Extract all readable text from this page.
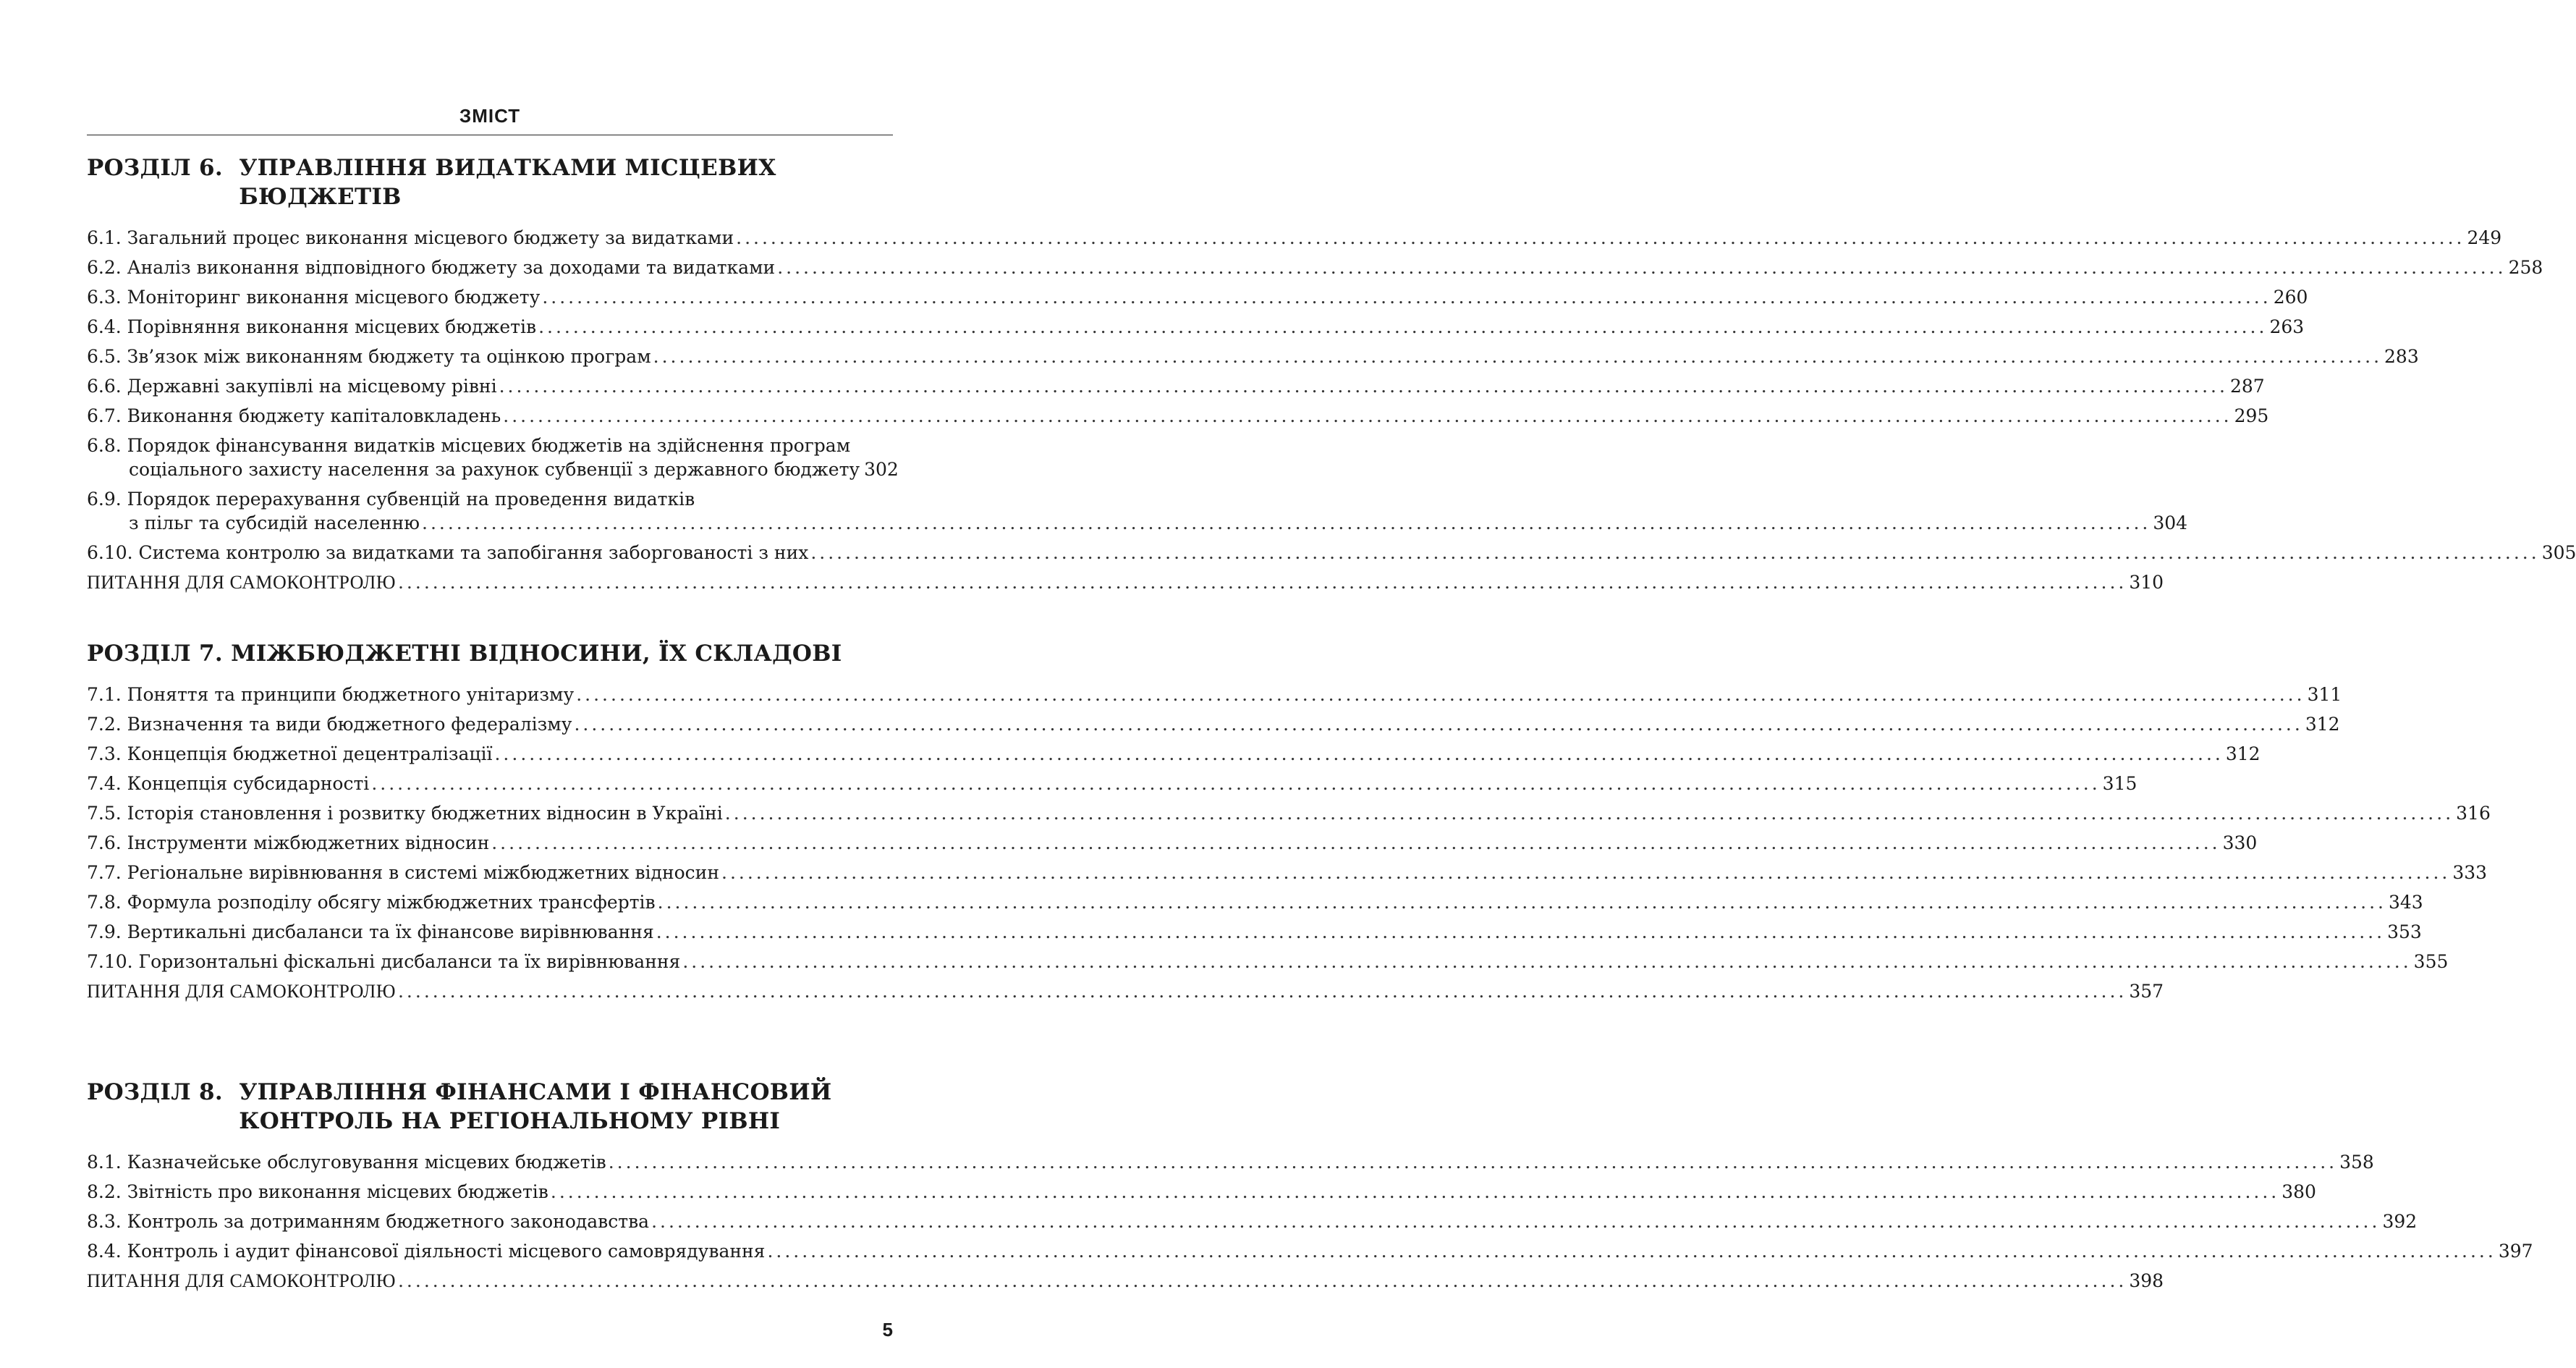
ЗМІСТ
РОЗДІЛ 6. УПРАВЛІННЯ ВИДАТКАМИ МІСЦЕВИХ БЮДЖЕТІВ
6.1. Загальний процес виконання місцевого бюджету за видатками ........................................................................................................................................................................................................ 249
6.2. Аналіз виконання відповідного бюджету за доходами та видатками ........................................................................................................................................................................................................ 258
6.3. Моніторинг виконання місцевого бюджету ........................................................................................................................................................................................................ 260
6.4. Порівняння виконання місцевих бюджетів ........................................................................................................................................................................................................ 263
6.5. Зв’язок між виконанням бюджету та оцінкою програм ........................................................................................................................................................................................................ 283
6.6. Державні закупівлі на місцевому рівні ........................................................................................................................................................................................................ 287
6.7. Виконання бюджету капіталовкладень ........................................................................................................................................................................................................ 295
6.8. Порядок фінансування видатків місцевих бюджетів на здійснення програм
соціального захисту населення за рахунок субвенції з державного бюджету 302
6.9. Порядок перерахування субвенцій на проведення видатків
з пільг та субсидій населенню ........................................................................................................................................................................................................ 304
6.10. Система контролю за видатками та запобігання заборгованості з них ........................................................................................................................................................................................................ 305
ПИТАННЯ ДЛЯ САМОКОНТРОЛЮ ........................................................................................................................................................................................................ 310
РОЗДІЛ 7. МІЖБЮДЖЕТНІ ВІДНОСИНИ, ЇХ СКЛАДОВІ
7.1. Поняття та принципи бюджетного унітаризму ........................................................................................................................................................................................................ 311
7.2. Визначення та види бюджетного федералізму ........................................................................................................................................................................................................ 312
7.3. Концепція бюджетної децентралізації ........................................................................................................................................................................................................ 312
7.4. Концепція субсидарності ........................................................................................................................................................................................................ 315
7.5. Історія становлення і розвитку бюджетних відносин в Україні ........................................................................................................................................................................................................ 316
7.6. Інструменти міжбюджетних відносин ........................................................................................................................................................................................................ 330
7.7. Регіональне вирівнювання в системі міжбюджетних відносин ........................................................................................................................................................................................................ 333
7.8. Формула розподілу обсягу міжбюджетних трансфертів ........................................................................................................................................................................................................ 343
7.9. Вертикальні дисбаланси та їх фінансове вирівнювання ........................................................................................................................................................................................................ 353
7.10. Горизонтальні фіскальні дисбаланси та їх вирівнювання ........................................................................................................................................................................................................ 355
ПИТАННЯ ДЛЯ САМОКОНТРОЛЮ ........................................................................................................................................................................................................ 357
РОЗДІЛ 8. УПРАВЛІННЯ ФІНАНСАМИ І ФІНАНСОВИЙ
КОНТРОЛЬ НА РЕГІОНАЛЬНОМУ РІВНІ
8.1. Казначейське обслуговування місцевих бюджетів ........................................................................................................................................................................................................ 358
8.2. Звітність про виконання місцевих бюджетів ........................................................................................................................................................................................................ 380
8.3. Контроль за дотриманням бюджетного законодавства ........................................................................................................................................................................................................ 392
8.4. Контроль і аудит фінансової діяльності місцевого самоврядування ........................................................................................................................................................................................................ 397
ПИТАННЯ ДЛЯ САМОКОНТРОЛЮ ........................................................................................................................................................................................................ 398
5
